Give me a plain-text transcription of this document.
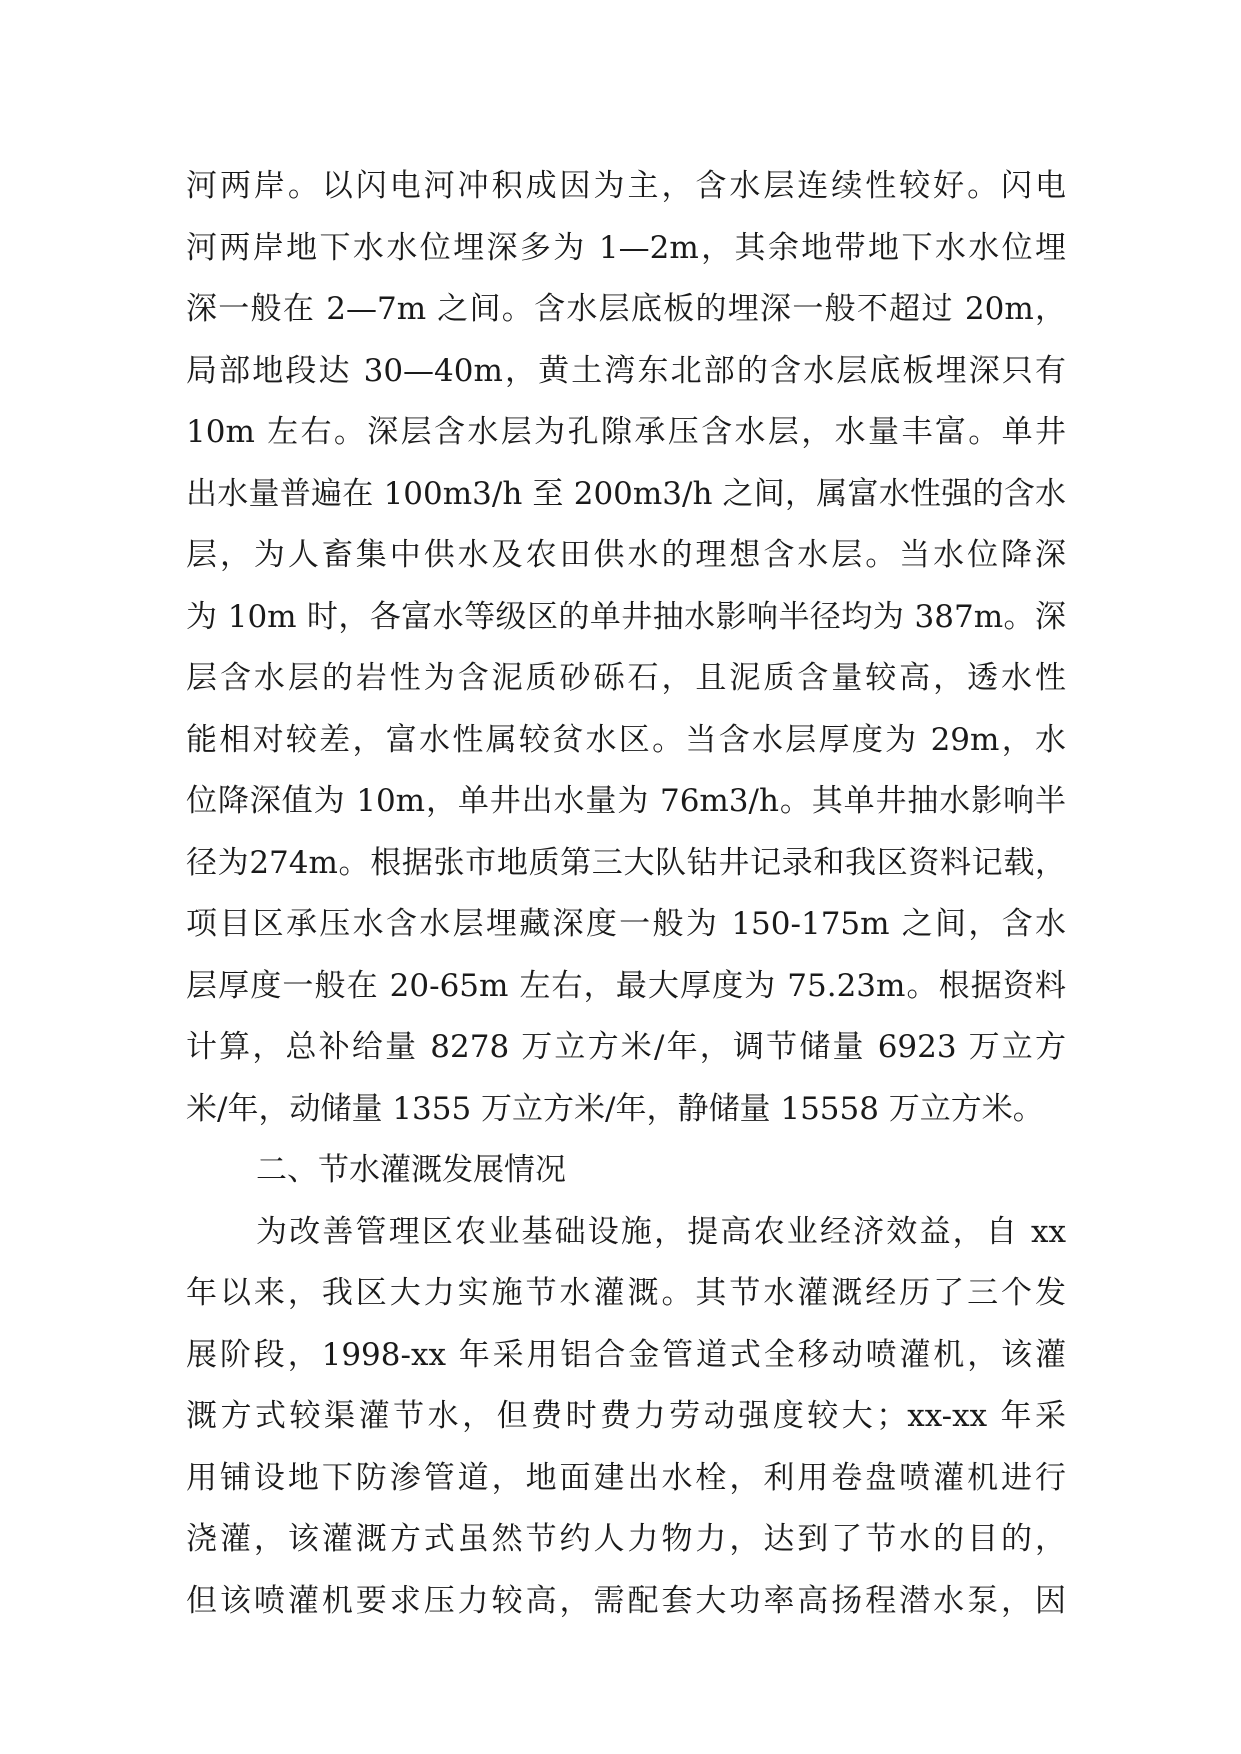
河两岸。以闪电河冲积成因为主，含水层连续性较好。闪电
河两岸地下水水位埋深多为 1—2m，其余地带地下水水位埋
深一般在 2—7m 之间。含水层底板的埋深一般不超过 20m，
局部地段达 30—40m，黄土湾东北部的含水层底板埋深只有
10m 左右。深层含水层为孔隙承压含水层，水量丰富。单井
出水量普遍在 100m3/h 至 200m3/h 之间，属富水性强的含水
层，为人畜集中供水及农田供水的理想含水层。当水位降深
为 10m 时，各富水等级区的单井抽水影响半径均为 387m。深
层含水层的岩性为含泥质砂砾石，且泥质含量较高，透水性
能相对较差，富水性属较贫水区。当含水层厚度为 29m，水
位降深值为 10m，单井出水量为 76m3/h。其单井抽水影响半
径为274m。根据张市地质第三大队钻井记录和我区资料记载，
项目区承压水含水层埋藏深度一般为 150-175m 之间，含水
层厚度一般在 20-65m 左右，最大厚度为 75.23m。根据资料
计算，总补给量 8278 万立方米/年，调节储量 6923 万立方
米/年，动储量 1355 万立方米/年，静储量 15558 万立方米。
二、节水灌溉发展情况
为改善管理区农业基础设施，提高农业经济效益，自 xx
年以来，我区大力实施节水灌溉。其节水灌溉经历了三个发
展阶段，1998-xx 年采用铝合金管道式全移动喷灌机，该灌
溉方式较渠灌节水，但费时费力劳动强度较大；xx-xx 年采
用铺设地下防渗管道，地面建出水栓，利用卷盘喷灌机进行
浇灌，该灌溉方式虽然节约人力物力，达到了节水的目的，
但该喷灌机要求压力较高，需配套大功率高扬程潜水泵，因
